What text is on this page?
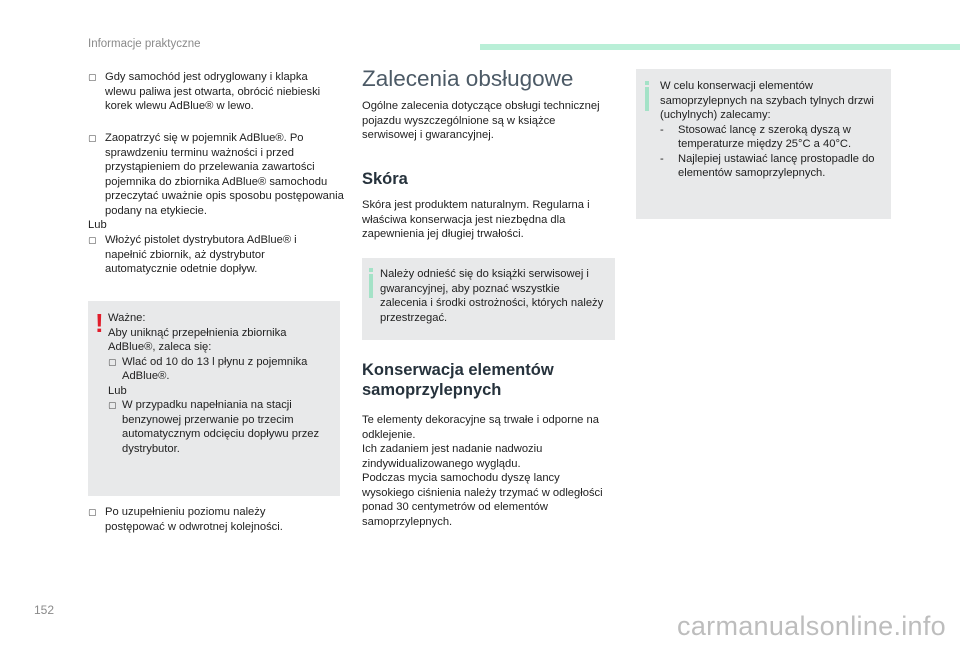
Informacje praktyczne
▢ Gdy samochód jest odryglowany i klapka wlewu paliwa jest otwarta, obrócić niebieski korek wlewu AdBlue® w lewo.
▢ Zaopatrzyć się w pojemnik AdBlue®. Po sprawdzeniu terminu ważności i przed przystąpieniem do przelewania zawartości pojemnika do zbiornika AdBlue® samochodu przeczytać uważnie opis sposobu postępowania podany na etykiecie.
Lub
▢ Włożyć pistolet dystrybutora AdBlue® i napełnić zbiornik, aż dystrybutor automatycznie odetnie dopływ.
! Ważne:
Aby uniknąć przepełnienia zbiornika AdBlue®, zaleca się:
▢ Wlać od 10 do 13 l płynu z pojemnika AdBlue®.
Lub
▢ W przypadku napełniania na stacji benzynowej przerwanie po trzecim automatycznym odcięciu dopływu przez dystrybutor.
▢ Po uzupełnieniu poziomu należy postępować w odwrotnej kolejności.
Zalecenia obsługowe
Ogólne zalecenia dotyczące obsługi technicznej pojazdu wyszczególnione są w książce serwisowej i gwarancyjnej.
Skóra
Skóra jest produktem naturalnym. Regularna i właściwa konserwacja jest niezbędna dla zapewnienia jej długiej trwałości.
Należy odnieść się do książki serwisowej i gwarancyjnej, aby poznać wszystkie zalecenia i środki ostrożności, których należy przestrzegać.
Konserwacja elementów
samoprzylepnych
Te elementy dekoracyjne są trwałe i odporne na odklejenie.
Ich zadaniem jest nadanie nadwoziu zindywidualizowanego wyglądu.
Podczas mycia samochodu dyszę lancy wysokiego ciśnienia należy trzymać w odległości ponad 30 centymetrów od elementów samoprzylepnych.
W celu konserwacji elementów samoprzylepnych na szybach tylnych drzwi (uchylnych) zalecamy:
-	Stosować lancę z szeroką dyszą w temperaturze między 25°C a 40°C.
-	Najlepiej ustawiać lancę prostopadle do elementów samoprzylepnych.
152
carmanualsonline.info
